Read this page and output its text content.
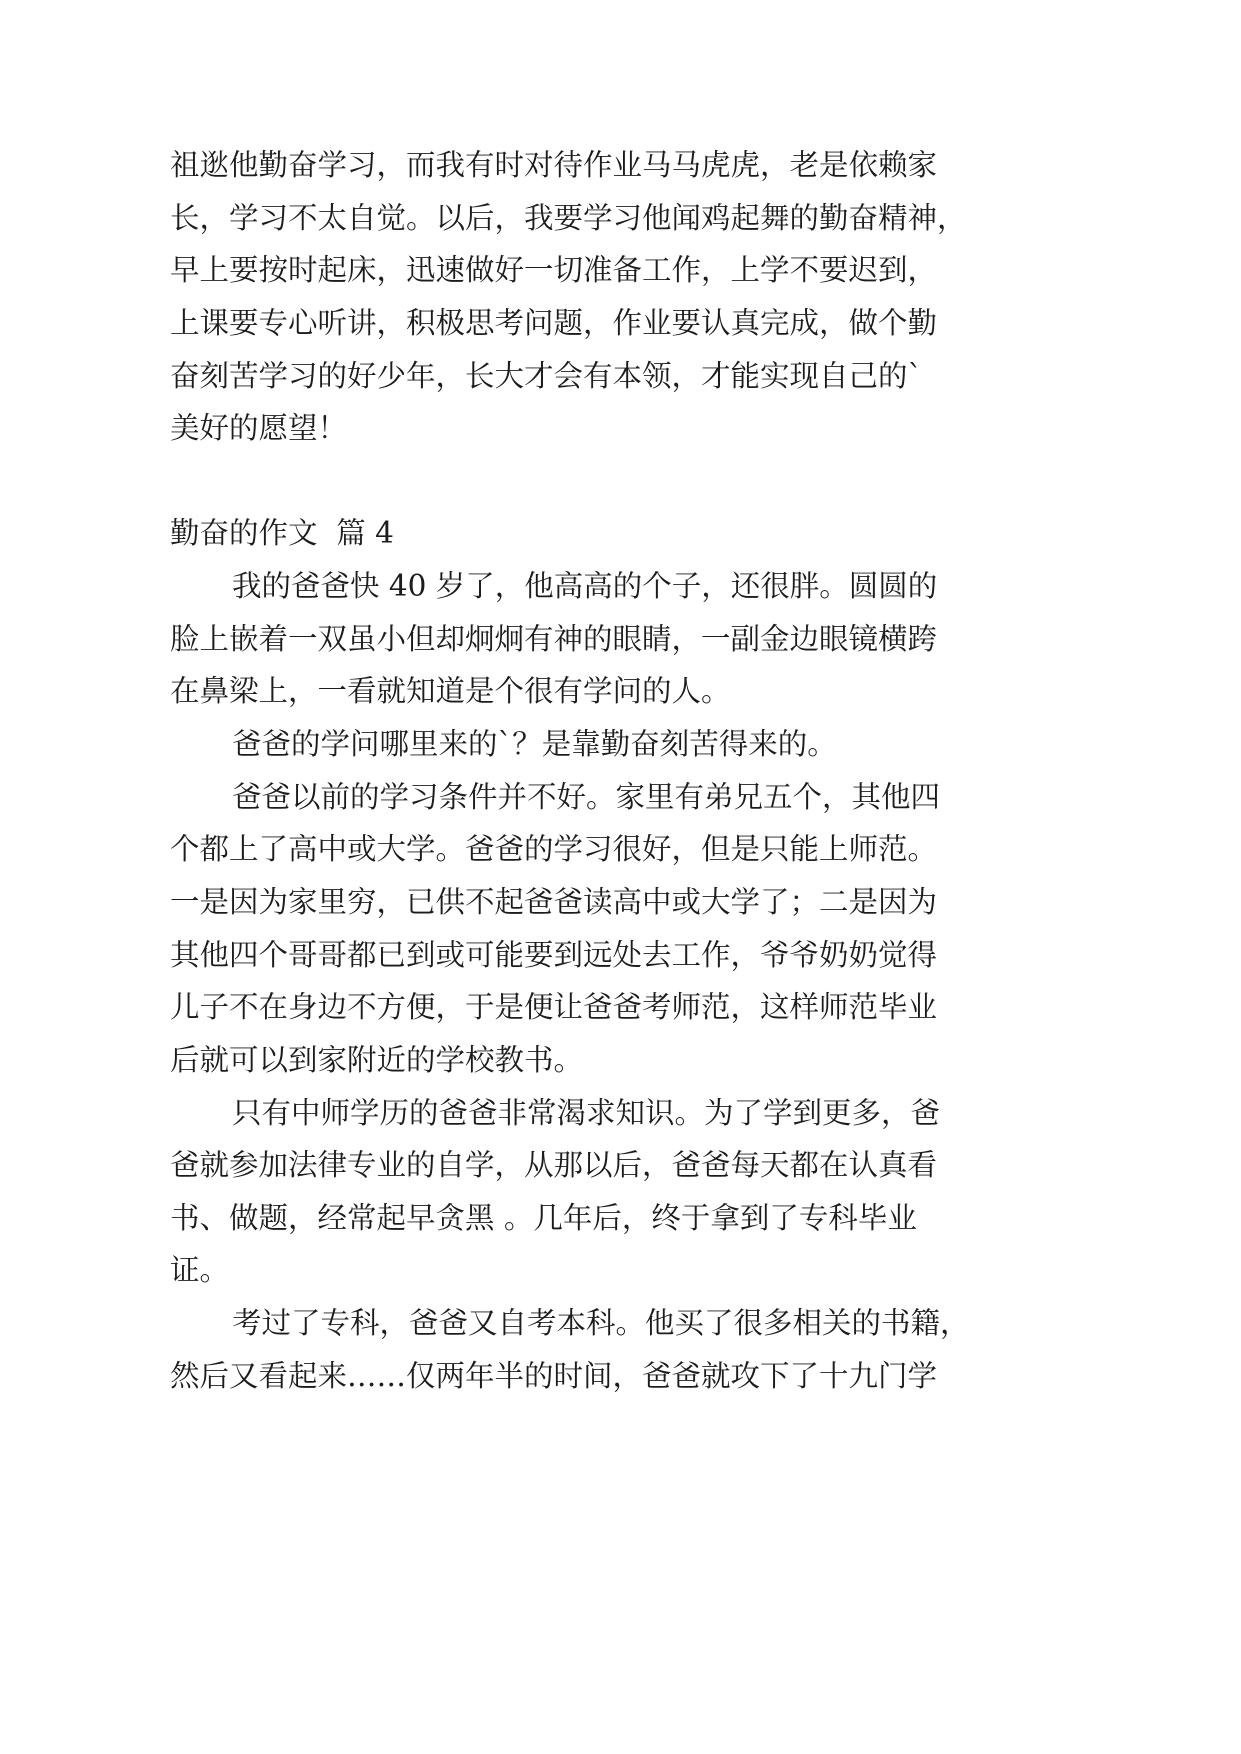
祖逖他勤奋学习，而我有时对待作业马马虎虎，老是依赖家
长，学习不太自觉。以后，我要学习他闻鸡起舞的勤奋精神，
早上要按时起床，迅速做好一切准备工作，上学不要迟到，
上课要专心听讲，积极思考问题，作业要认真完成，做个勤
奋刻苦学习的好少年，长大才会有本领，才能实现自己的`
美好的愿望！
勤奋的作文  篇 4
我的爸爸快 40 岁了，他高高的个子，还很胖。圆圆的
脸上嵌着一双虽小但却炯炯有神的眼睛，一副金边眼镜横跨
在鼻梁上，一看就知道是个很有学问的人。
爸爸的学问哪里来的`？是靠勤奋刻苦得来的。
爸爸以前的学习条件并不好。家里有弟兄五个，其他四
个都上了高中或大学。爸爸的学习很好，但是只能上师范。
一是因为家里穷，已供不起爸爸读高中或大学了；二是因为
其他四个哥哥都已到或可能要到远处去工作，爷爷奶奶觉得
儿子不在身边不方便，于是便让爸爸考师范，这样师范毕业
后就可以到家附近的学校教书。
只有中师学历的爸爸非常渴求知识。为了学到更多，爸
爸就参加法律专业的自学，从那以后，爸爸每天都在认真看
书、做题，经常起早贪黑 。几年后，终于拿到了专科毕业
证。
考过了专科，爸爸又自考本科。他买了很多相关的书籍，
然后又看起来……仅两年半的时间，爸爸就攻下了十九门学
